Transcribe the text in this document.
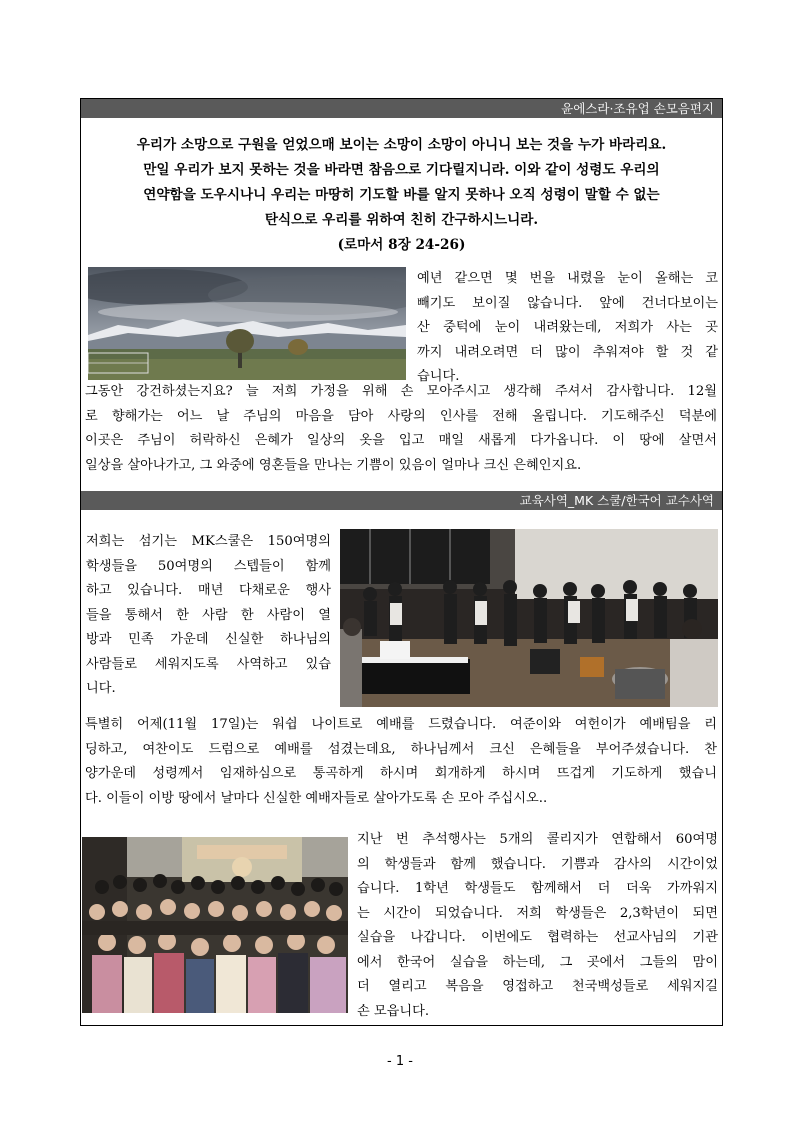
윤에스라·조유업 손모음편지

우리가 소망으로 구원을 얻었으매 보이는 소망이 소망이 아니니 보는 것을 누가 바라리요.

만일 우리가 보지 못하는 것을 바라면 참음으로 기다릴지니라. 이와 같이 성령도 우리의

연약함을 도우시나니 우리는 마땅히 기도할 바를 알지 못하나 오직 성령이 말할 수 없는

탄식으로 우리를 위하여 친히 간구하시느니라.

(로마서 8장 24-26)

예년 같으면 몇 번을 내렸을 눈이 올해는 코
빼기도 보이질 않습니다. 앞에 건너다보이는
산 중턱에 눈이 내려왔는데, 저희가 사는 곳
까지 내려오려면 더 많이 추워져야 할 것 같
습니다.
그동안 강건하셨는지요? 늘 저희 가정을 위해 손 모아주시고 생각해 주셔서 감사합니다. 12월
로 향해가는 어느 날 주님의 마음을 담아 사랑의 인사를 전해 올립니다. 기도해주신 덕분에
이곳은 주님이 허락하신 은혜가 일상의 옷을 입고 매일 새롭게 다가옵니다. 이 땅에 살면서
일상을 살아나가고, 그 와중에 영혼들을 만나는 기쁨이 있음이 얼마나 크신 은혜인지요.
교육사역_MK 스쿨/한국어 교수사역
저희는 섬기는 MK스쿨은 150여명의
학생들을 50여명의 스텝들이 함께
하고 있습니다. 매년 다채로운 행사
들을 통해서 한 사람 한 사람이 열
방과 민족 가운데 신실한 하나님의
사람들로 세워지도록 사역하고 있습
니다.
특별히 어제(11월 17일)는 워쉽 나이트로 예배를 드렸습니다. 여준이와 여헌이가 예배팀을 리
딩하고, 여찬이도 드럼으로 예배를 섬겼는데요, 하나님께서 크신 은혜들을 부어주셨습니다. 찬
양가운데 성령께서 임재하심으로 통곡하게 하시며 회개하게 하시며 뜨겁게 기도하게 했습니
다. 이들이 이방 땅에서 날마다 신실한 예배자들로 살아가도록 손 모아 주십시오..
지난 번 추석행사는 5개의 콜리지가 연합해서 60여명
의 학생들과 함께 했습니다. 기쁨과 감사의 시간이었
습니다. 1학년 학생들도 함께해서 더 더욱 가까워지
는 시간이 되었습니다. 저희 학생들은 2,3학년이 되면
실습을 나갑니다. 이번에도 협력하는 선교사님의 기관
에서 한국어 실습을 하는데, 그 곳에서 그들의 맘이
더 열리고 복음을 영접하고 천국백성들로 세워지길
손 모읍니다.
- 1 -
